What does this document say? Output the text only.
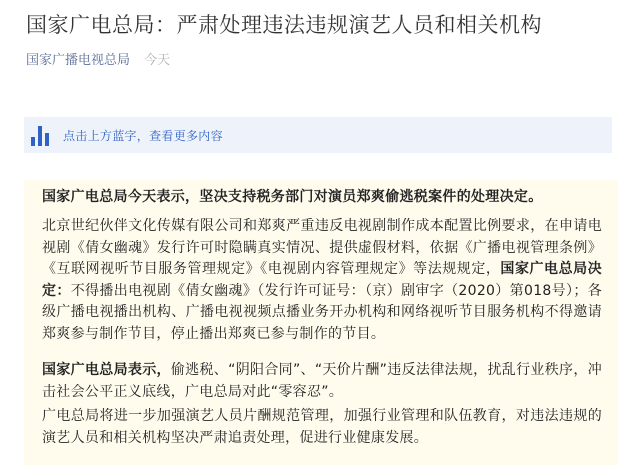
国家广电总局：严肃处理违法违规演艺人员和相关机构
国家广播电视总局 今天
点击上方蓝字，查看更多内容

国家广电总局今天表示，坚决支持税务部门对演员郑爽偷逃税案件的处理决定。

北京世纪伙伴文化传媒有限公司和郑爽严重违反电视剧制作成本配置比例要求，在申请电视剧《倩女幽魂》发行许可时隐瞒真实情况、提供虚假材料，依据《广播电视管理条例》《互联网视听节目服务管理规定》《电视剧内容管理规定》等法规规定，国家广电总局决定：不得播出电视剧《倩女幽魂》（发行许可证号：（京）剧审字（2020）第018号）；各级广播电视播出机构、广播电视视频点播业务开办机构和网络视听节目服务机构不得邀请郑爽参与制作节目，停止播出郑爽已参与制作的节目。

国家广电总局表示，偷逃税、“阴阳合同”、“天价片酬”违反法律法规，扰乱行业秩序，冲击社会公平正义底线，广电总局对此“零容忍”。

广电总局将进一步加强演艺人员片酬规范管理，加强行业管理和队伍教育，对违法违规的演艺人员和相关机构坚决严肃追责处理，促进行业健康发展。
